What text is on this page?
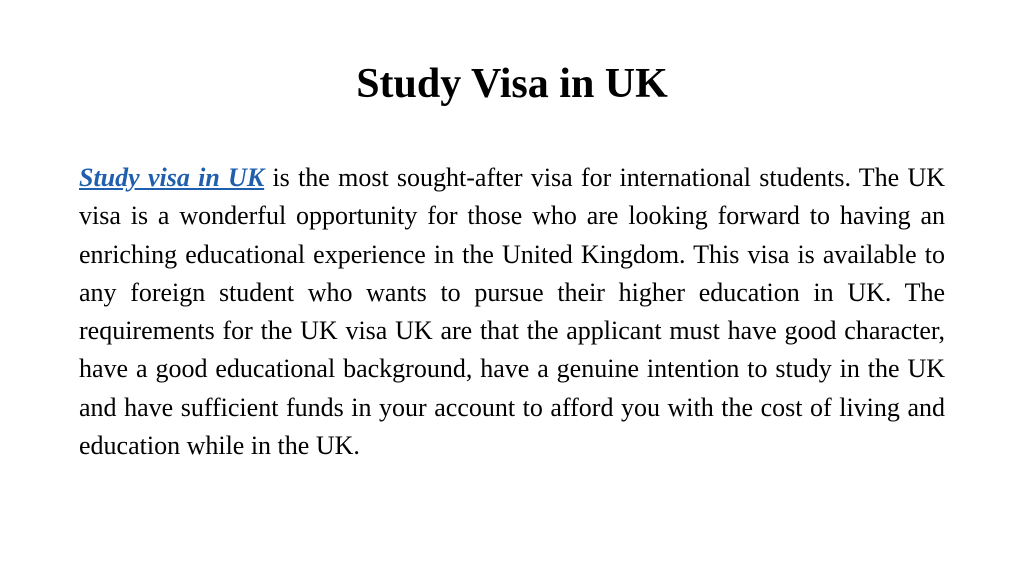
Study Visa in UK

Study visa in UK is the most sought-after visa for international students. The UK visa is a wonderful opportunity for those who are looking forward to having an enriching educational experience in the United Kingdom. This visa is available to any foreign student who wants to pursue their higher education in UK. The requirements for the UK visa UK are that the applicant must have good character, have a good educational background, have a genuine intention to study in the UK and have sufficient funds in your account to afford you with the cost of living and education while in the UK.
